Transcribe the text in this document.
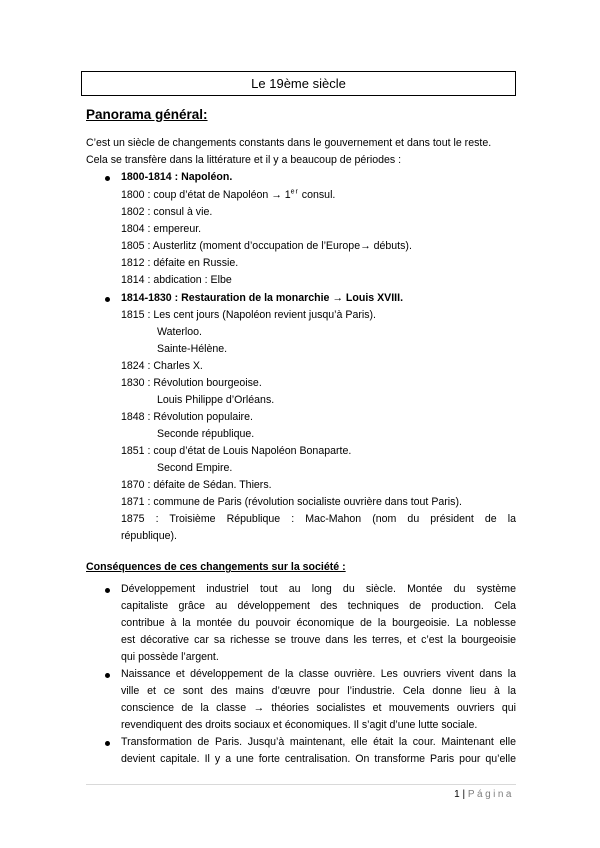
Le 19ème siècle
Panorama général:
C’est un siècle de changements constants dans le gouvernement et dans tout le reste.
Cela se transfère dans la littérature et il y a beaucoup de périodes :
1800-1814 : Napoléon.
1800 : coup d’état de Napoléon → 1er consul.
1802 : consul à vie.
1804 : empereur.
1805 : Austerlitz (moment d’occupation de l’Europe→ débuts).
1812 : défaite en Russie.
1814 : abdication : Elbe
1814-1830 : Restauration de la monarchie → Louis XVIII.
1815 : Les cent jours (Napoléon revient jusqu’à Paris).
Waterloo.
Sainte-Hélène.
1824 : Charles X.
1830 : Révolution bourgeoise.
Louis Philippe d’Orléans.
1848 : Révolution populaire.
Seconde république.
1851 : coup d’état de Louis Napoléon Bonaparte.
Second Empire.
1870 : défaite de Sédan. Thiers.
1871 : commune de Paris (révolution socialiste ouvrière dans tout Paris).
1875 : Troisième République : Mac-Mahon (nom du président de la
république).
Conséquences de ces changements sur la société :
Développement industriel tout au long du siècle. Montée du système
capitaliste grâce au développement des techniques de production. Cela
contribue à la montée du pouvoir économique de la bourgeoisie. La noblesse
est décorative car sa richesse se trouve dans les terres, et c’est la bourgeoisie
qui possède l’argent.
Naissance et développement de la classe ouvrière. Les ouvriers vivent dans la
ville et ce sont des mains d’œuvre pour l’industrie. Cela donne lieu à la
conscience de la classe → théories socialistes et mouvements ouvriers qui
revendiquent des droits sociaux et économiques. Il s’agit d’une lutte sociale.
Transformation de Paris. Jusqu’à maintenant, elle était la cour. Maintenant elle
devient capitale. Il y a une forte centralisation. On transforme Paris pour qu’elle
1 | Página
